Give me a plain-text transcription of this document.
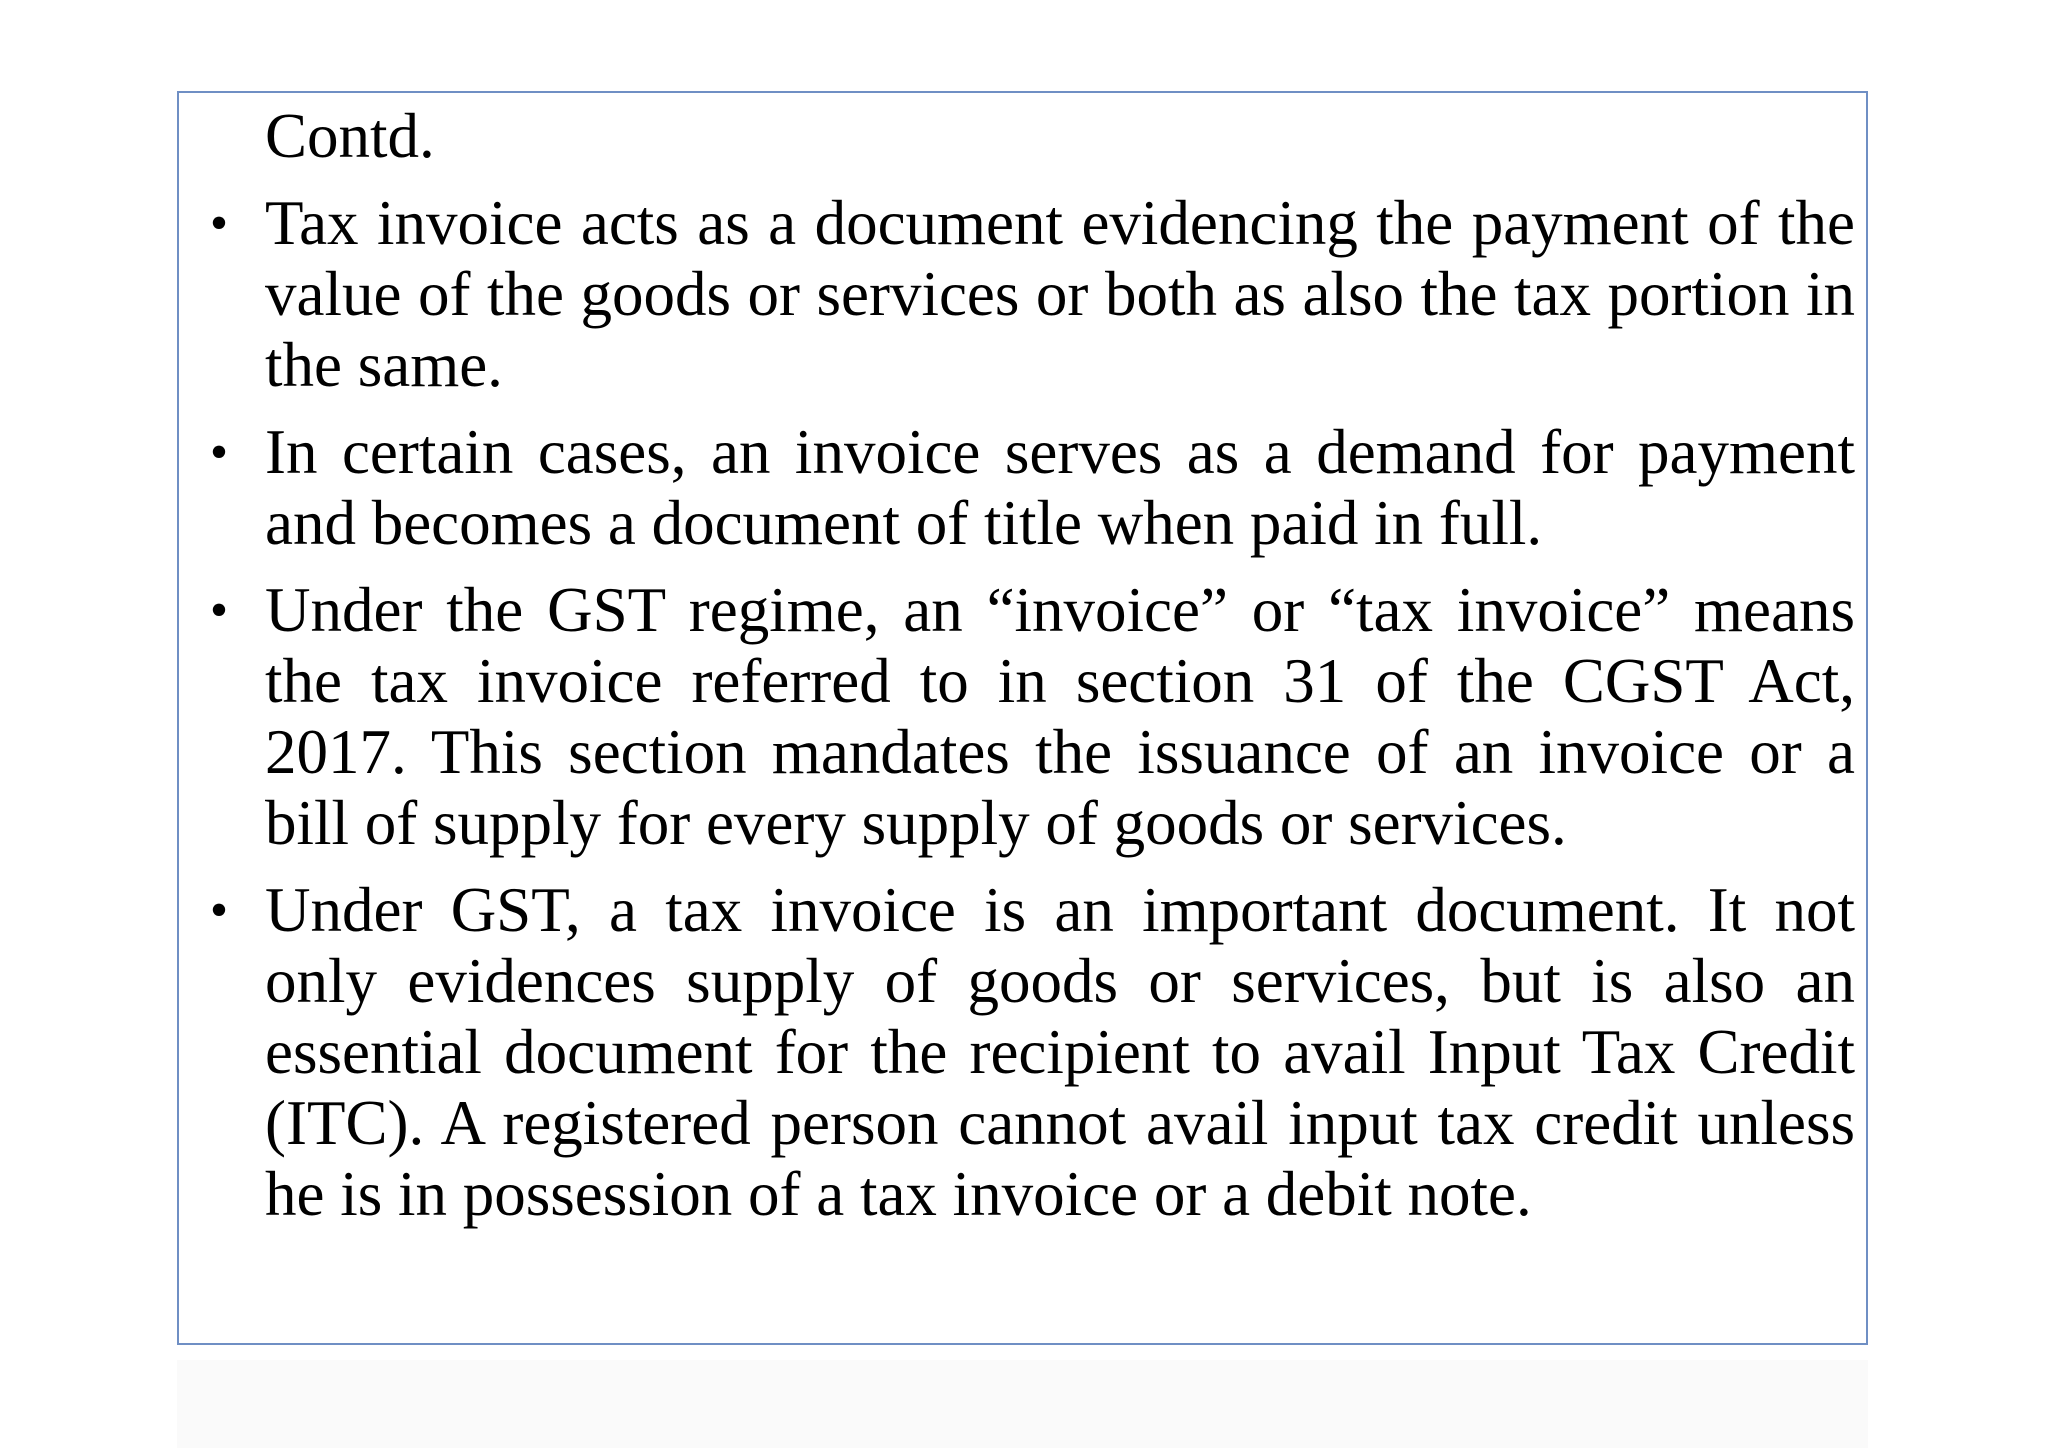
Contd.
• Tax invoice acts as a document evidencing the payment of the value of the goods or services or both as also the tax portion in the same.
• In certain cases, an invoice serves as a demand for payment and becomes a document of title when paid in full.
• Under the GST regime, an “invoice” or “tax invoice” means the tax invoice referred to in section 31 of the CGST Act, 2017. This section mandates the issuance of an invoice or a bill of supply for every supply of goods or services.
• Under GST, a tax invoice is an important document. It not only evidences supply of goods or services, but is also an essential document for the recipient to avail Input Tax Credit (ITC). A registered person cannot avail input tax credit unless he is in possession of a tax invoice or a debit note.
